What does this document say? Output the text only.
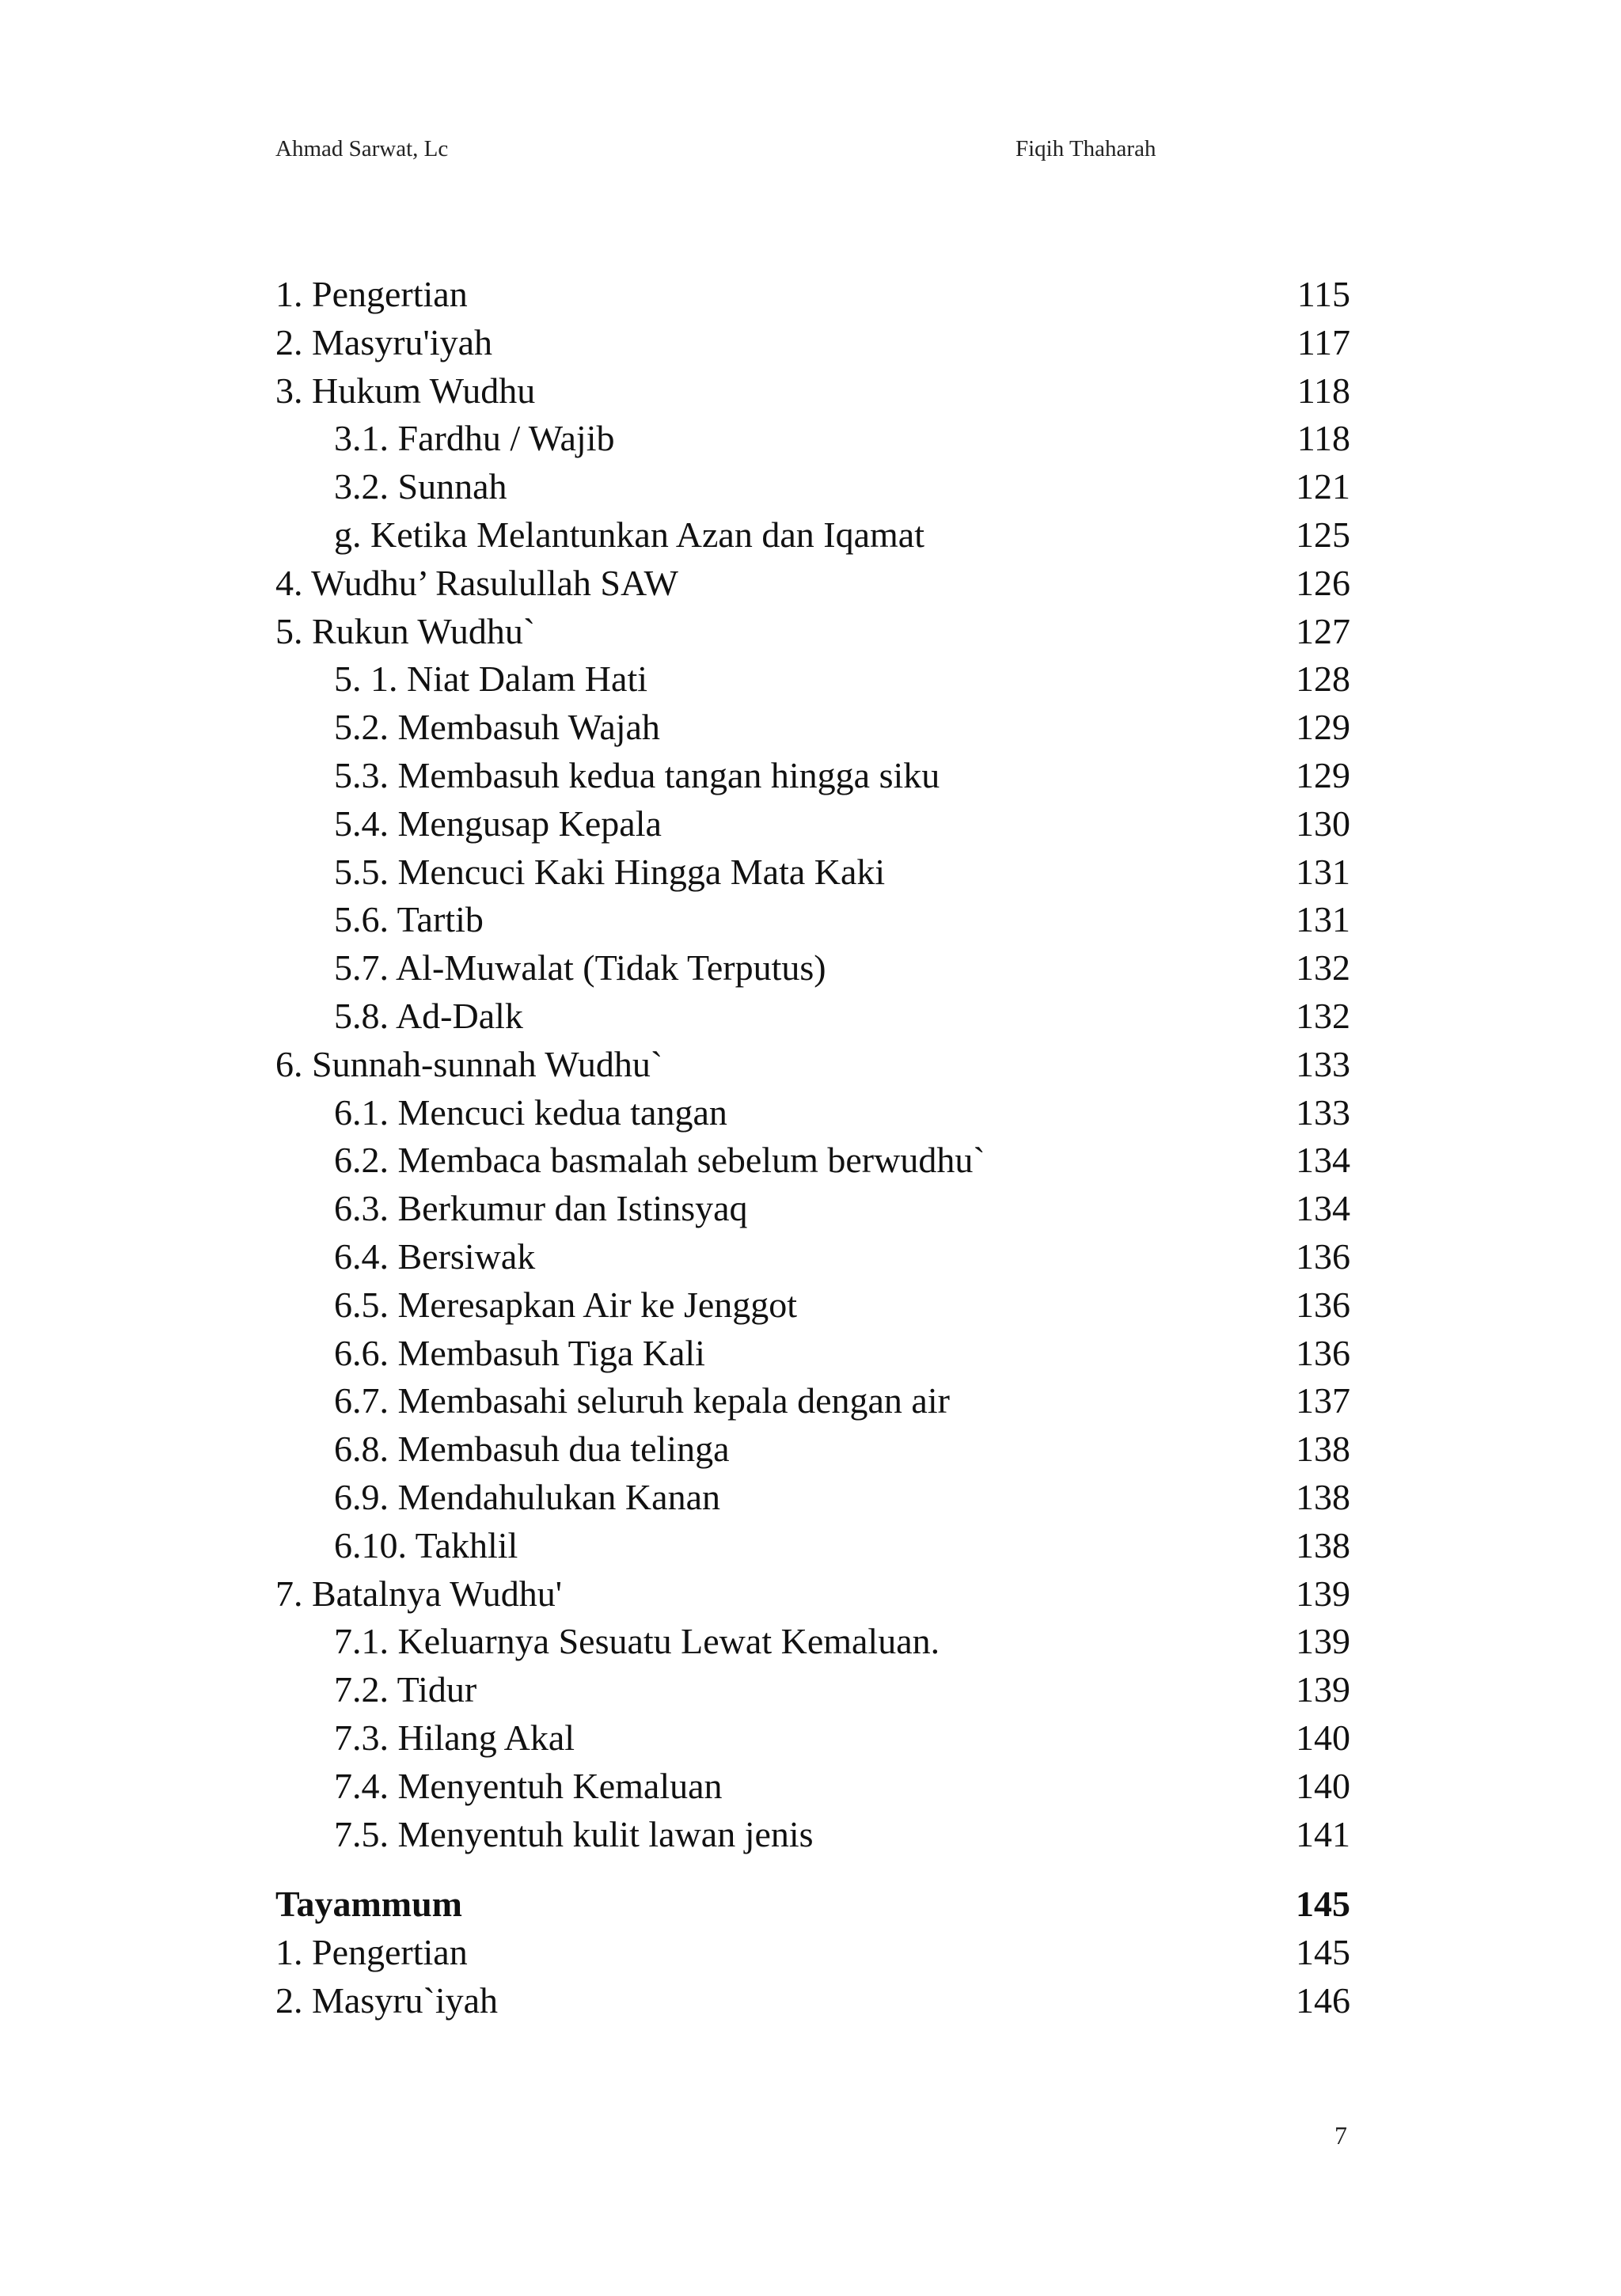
Ahmad Sarwat, Lc	Fiqih Thaharah
1. Pengertian	115
2. Masyru'iyah	117
3. Hukum Wudhu	118
3.1. Fardhu / Wajib	118
3.2. Sunnah	121
g. Ketika Melantunkan Azan dan Iqamat	125
4. Wudhu’ Rasulullah SAW	126
5. Rukun Wudhu`	127
5. 1. Niat Dalam Hati	128
5.2. Membasuh Wajah	129
5.3. Membasuh kedua tangan hingga siku	129
5.4. Mengusap Kepala	130
5.5. Mencuci Kaki Hingga Mata Kaki	131
5.6. Tartib	131
5.7. Al-Muwalat (Tidak Terputus)	132
5.8. Ad-Dalk	132
6. Sunnah-sunnah Wudhu`	133
6.1. Mencuci kedua tangan	133
6.2. Membaca basmalah sebelum berwudhu`	134
6.3. Berkumur dan Istinsyaq	134
6.4. Bersiwak	136
6.5. Meresapkan Air ke Jenggot	136
6.6. Membasuh Tiga Kali	136
6.7. Membasahi seluruh kepala dengan air	137
6.8. Membasuh dua telinga	138
6.9. Mendahulukan Kanan	138
6.10. Takhlil	138
7. Batalnya Wudhu'	139
7.1. Keluarnya Sesuatu Lewat Kemaluan.	139
7.2. Tidur	139
7.3. Hilang Akal	140
7.4. Menyentuh Kemaluan	140
7.5. Menyentuh kulit lawan jenis	141
Tayammum	145
1. Pengertian	145
2. Masyru`iyah	146
7
